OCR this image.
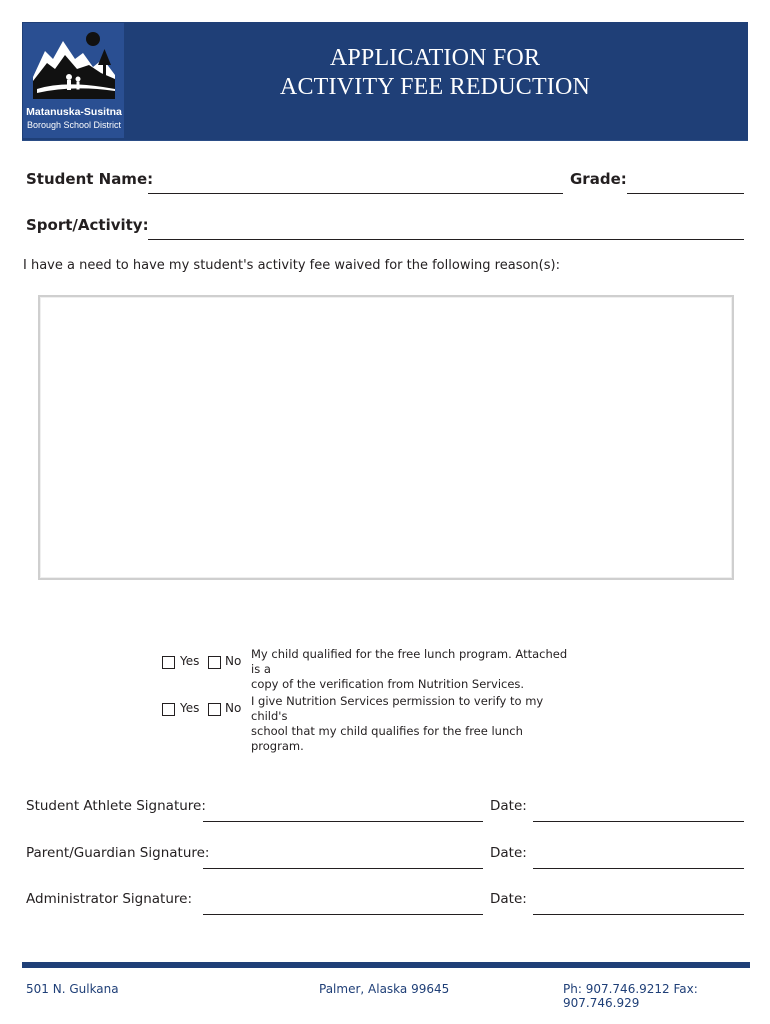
Matanuska-Susitna
Borough School District
APPLICATION FOR
ACTIVITY FEE REDUCTION
Student Name:	Grade:
Sport/Activity:
I have a need to have my student's activity fee waived for the following reason(s):
Yes No My child qualified for the free lunch program. Attached is a
copy of the verification from Nutrition Services.
Yes No I give Nutrition Services permission to verify to my child's
school that my child qualifies for the free lunch program.
Student Athlete Signature:	Date:
Parent/Guardian Signature:	Date:
Administrator Signature:	Date:
501 N. Gulkana	Palmer, Alaska 99645	Ph: 907.746.9212 Fax: 907.746.929
